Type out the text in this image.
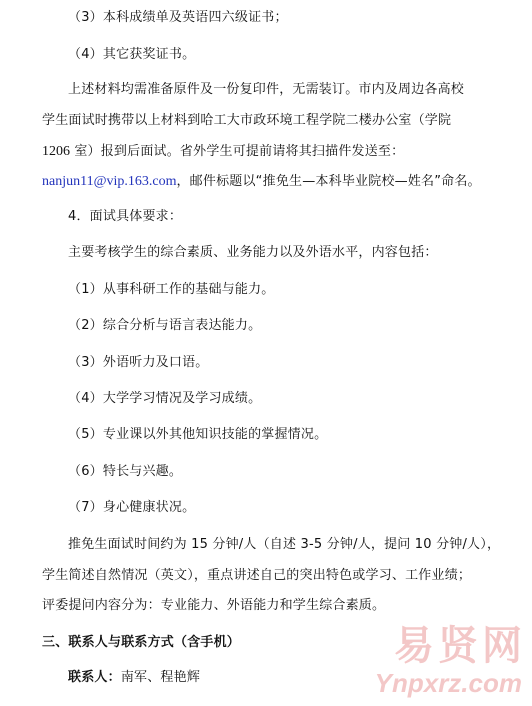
（3）本科成绩单及英语四六级证书；
（4）其它获奖证书。
上述材料均需准备原件及一份复印件，无需装订。市内及周边各高校
学生面试时携带以上材料到哈工大市政环境工程学院二楼办公室（学院
1206 室）报到后面试。省外学生可提前请将其扫描件发送至：
nanjun11@vip.163.com，邮件标题以“推免生—本科毕业院校—姓名”命名。
4．面试具体要求：
主要考核学生的综合素质、业务能力以及外语水平，内容包括：
（1）从事科研工作的基础与能力。
（2）综合分析与语言表达能力。
（3）外语听力及口语。
（4）大学学习情况及学习成绩。
（5）专业课以外其他知识技能的掌握情况。
（6）特长与兴趣。
（7）身心健康状况。
推免生面试时间约为 15 分钟/人（自述 3-5 分钟/人，提问 10 分钟/人），
学生简述自然情况（英文），重点讲述自己的突出特色或学习、工作业绩；
评委提问内容分为：专业能力、外语能力和学生综合素质。
三、联系人与联系方式（含手机）
联系人：南军、程艳辉
易贤网
Ynpxrz.com
